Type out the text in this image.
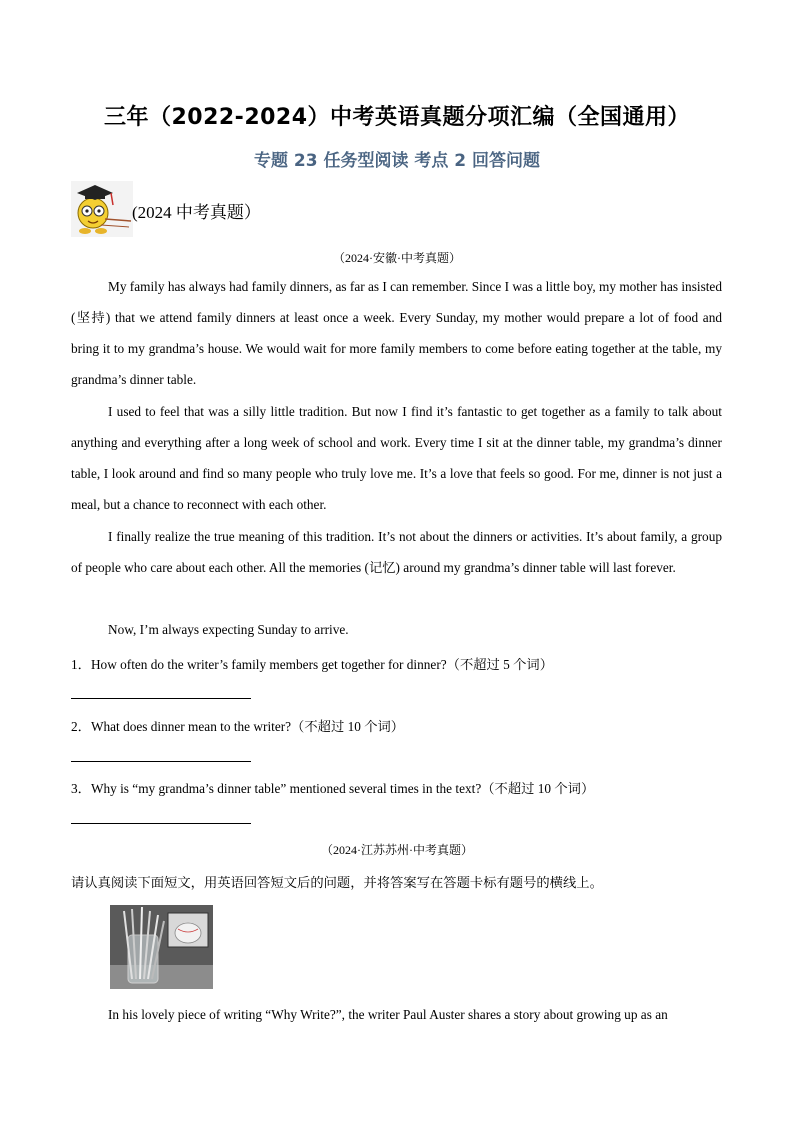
三年（2022-2024）中考英语真题分项汇编（全国通用）
专题 23 任务型阅读 考点 2 回答问题
(2024 中考真题）
（2024·安徽·中考真题）
My family has always had family dinners, as far as I can remember. Since I was a little boy, my mother has insisted (坚持) that we attend family dinners at least once a week. Every Sunday, my mother would prepare a lot of food and bring it to my grandma’s house. We would wait for more family members to come before eating together at the table, my grandma’s dinner table.
I used to feel that was a silly little tradition. But now I find it’s fantastic to get together as a family to talk about anything and everything after a long week of school and work. Every time I sit at the dinner table, my grandma’s dinner table, I look around and find so many people who truly love me. It’s a love that feels so good. For me, dinner is not just a meal, but a chance to reconnect with each other.
I finally realize the true meaning of this tradition. It’s not about the dinners or activities. It’s about family, a group of people who care about each other. All the memories (记忆) around my grandma’s dinner table will last forever.
Now, I’m always expecting Sunday to arrive.
1．How often do the writer’s family members get together for dinner?（不超过 5 个词）
2．What does dinner mean to the writer?（不超过 10 个词）
3．Why is “my grandma’s dinner table” mentioned several times in the text?（不超过 10 个词）
（2024·江苏苏州·中考真题）
请认真阅读下面短文，用英语回答短文后的问题，并将答案写在答题卡标有题号的横线上。
In his lovely piece of writing “Why Write?”, the writer Paul Auster shares a story about growing up as an
